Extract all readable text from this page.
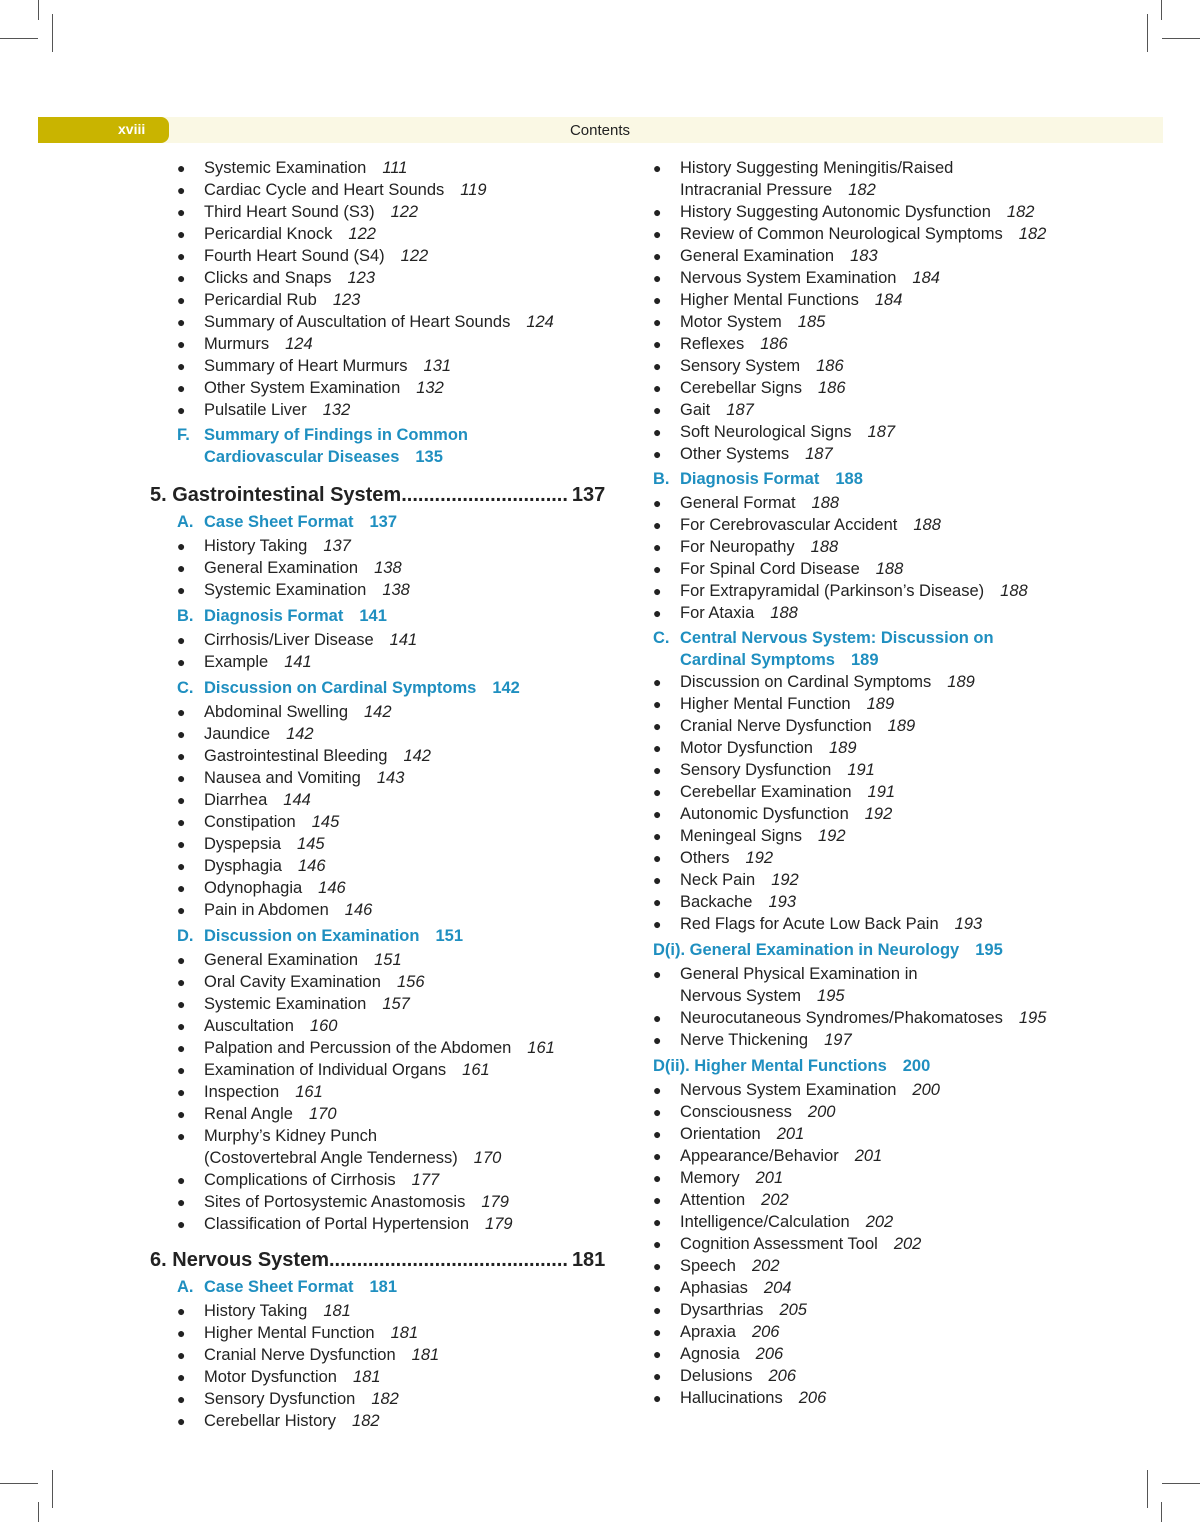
xviii	Contents
● Systemic Examination 111
● Cardiac Cycle and Heart Sounds 119
● Third Heart Sound (S3) 122
● Pericardial Knock 122
● Fourth Heart Sound (S4) 122
● Clicks and Snaps 123
● Pericardial Rub 123
● Summary of Auscultation of Heart Sounds 124
● Murmurs 124
● Summary of Heart Murmurs 131
● Other System Examination 132
● Pulsatile Liver 132
F. Summary of Findings in Common
Cardiovascular Diseases 135
5. Gastrointestinal System.............................. 137
A. Case Sheet Format 137
● History Taking 137
● General Examination 138
● Systemic Examination 138
B. Diagnosis Format 141
● Cirrhosis/Liver Disease 141
● Example 141
C. Discussion on Cardinal Symptoms 142
● Abdominal Swelling 142
● Jaundice 142
● Gastrointestinal Bleeding 142
● Nausea and Vomiting 143
● Diarrhea 144
● Constipation 145
● Dyspepsia 145
● Dysphagia 146
● Odynophagia 146
● Pain in Abdomen 146
D. Discussion on Examination 151
● General Examination 151
● Oral Cavity Examination 156
● Systemic Examination 157
● Auscultation 160
● Palpation and Percussion of the Abdomen 161
● Examination of Individual Organs 161
● Inspection 161
● Renal Angle 170
● Murphy’s Kidney Punch
(Costovertebral Angle Tenderness) 170
● Complications of Cirrhosis 177
● Sites of Portosystemic Anastomosis 179
● Classification of Portal Hypertension 179
6. Nervous System........................................... 181
A. Case Sheet Format 181
● History Taking 181
● Higher Mental Function 181
● Cranial Nerve Dysfunction 181
● Motor Dysfunction 181
● Sensory Dysfunction 182
● Cerebellar History 182
● History Suggesting Meningitis/Raised
Intracranial Pressure 182
● History Suggesting Autonomic Dysfunction 182
● Review of Common Neurological Symptoms 182
● General Examination 183
● Nervous System Examination 184
● Higher Mental Functions 184
● Motor System 185
● Reflexes 186
● Sensory System 186
● Cerebellar Signs 186
● Gait 187
● Soft Neurological Signs 187
● Other Systems 187
B. Diagnosis Format 188
● General Format 188
● For Cerebrovascular Accident 188
● For Neuropathy 188
● For Spinal Cord Disease 188
● For Extrapyramidal (Parkinson’s Disease) 188
● For Ataxia 188
C. Central Nervous System: Discussion on
Cardinal Symptoms 189
● Discussion on Cardinal Symptoms 189
● Higher Mental Function 189
● Cranial Nerve Dysfunction 189
● Motor Dysfunction 189
● Sensory Dysfunction 191
● Cerebellar Examination 191
● Autonomic Dysfunction 192
● Meningeal Signs 192
● Others 192
● Neck Pain 192
● Backache 193
● Red Flags for Acute Low Back Pain 193
D(i). General Examination in Neurology 195
● General Physical Examination in
Nervous System 195
● Neurocutaneous Syndromes/Phakomatoses 195
● Nerve Thickening 197
D(ii). Higher Mental Functions 200
● Nervous System Examination 200
● Consciousness 200
● Orientation 201
● Appearance/Behavior 201
● Memory 201
● Attention 202
● Intelligence/Calculation 202
● Cognition Assessment Tool 202
● Speech 202
● Aphasias 204
● Dysarthrias 205
● Apraxia 206
● Agnosia 206
● Delusions 206
● Hallucinations 206
